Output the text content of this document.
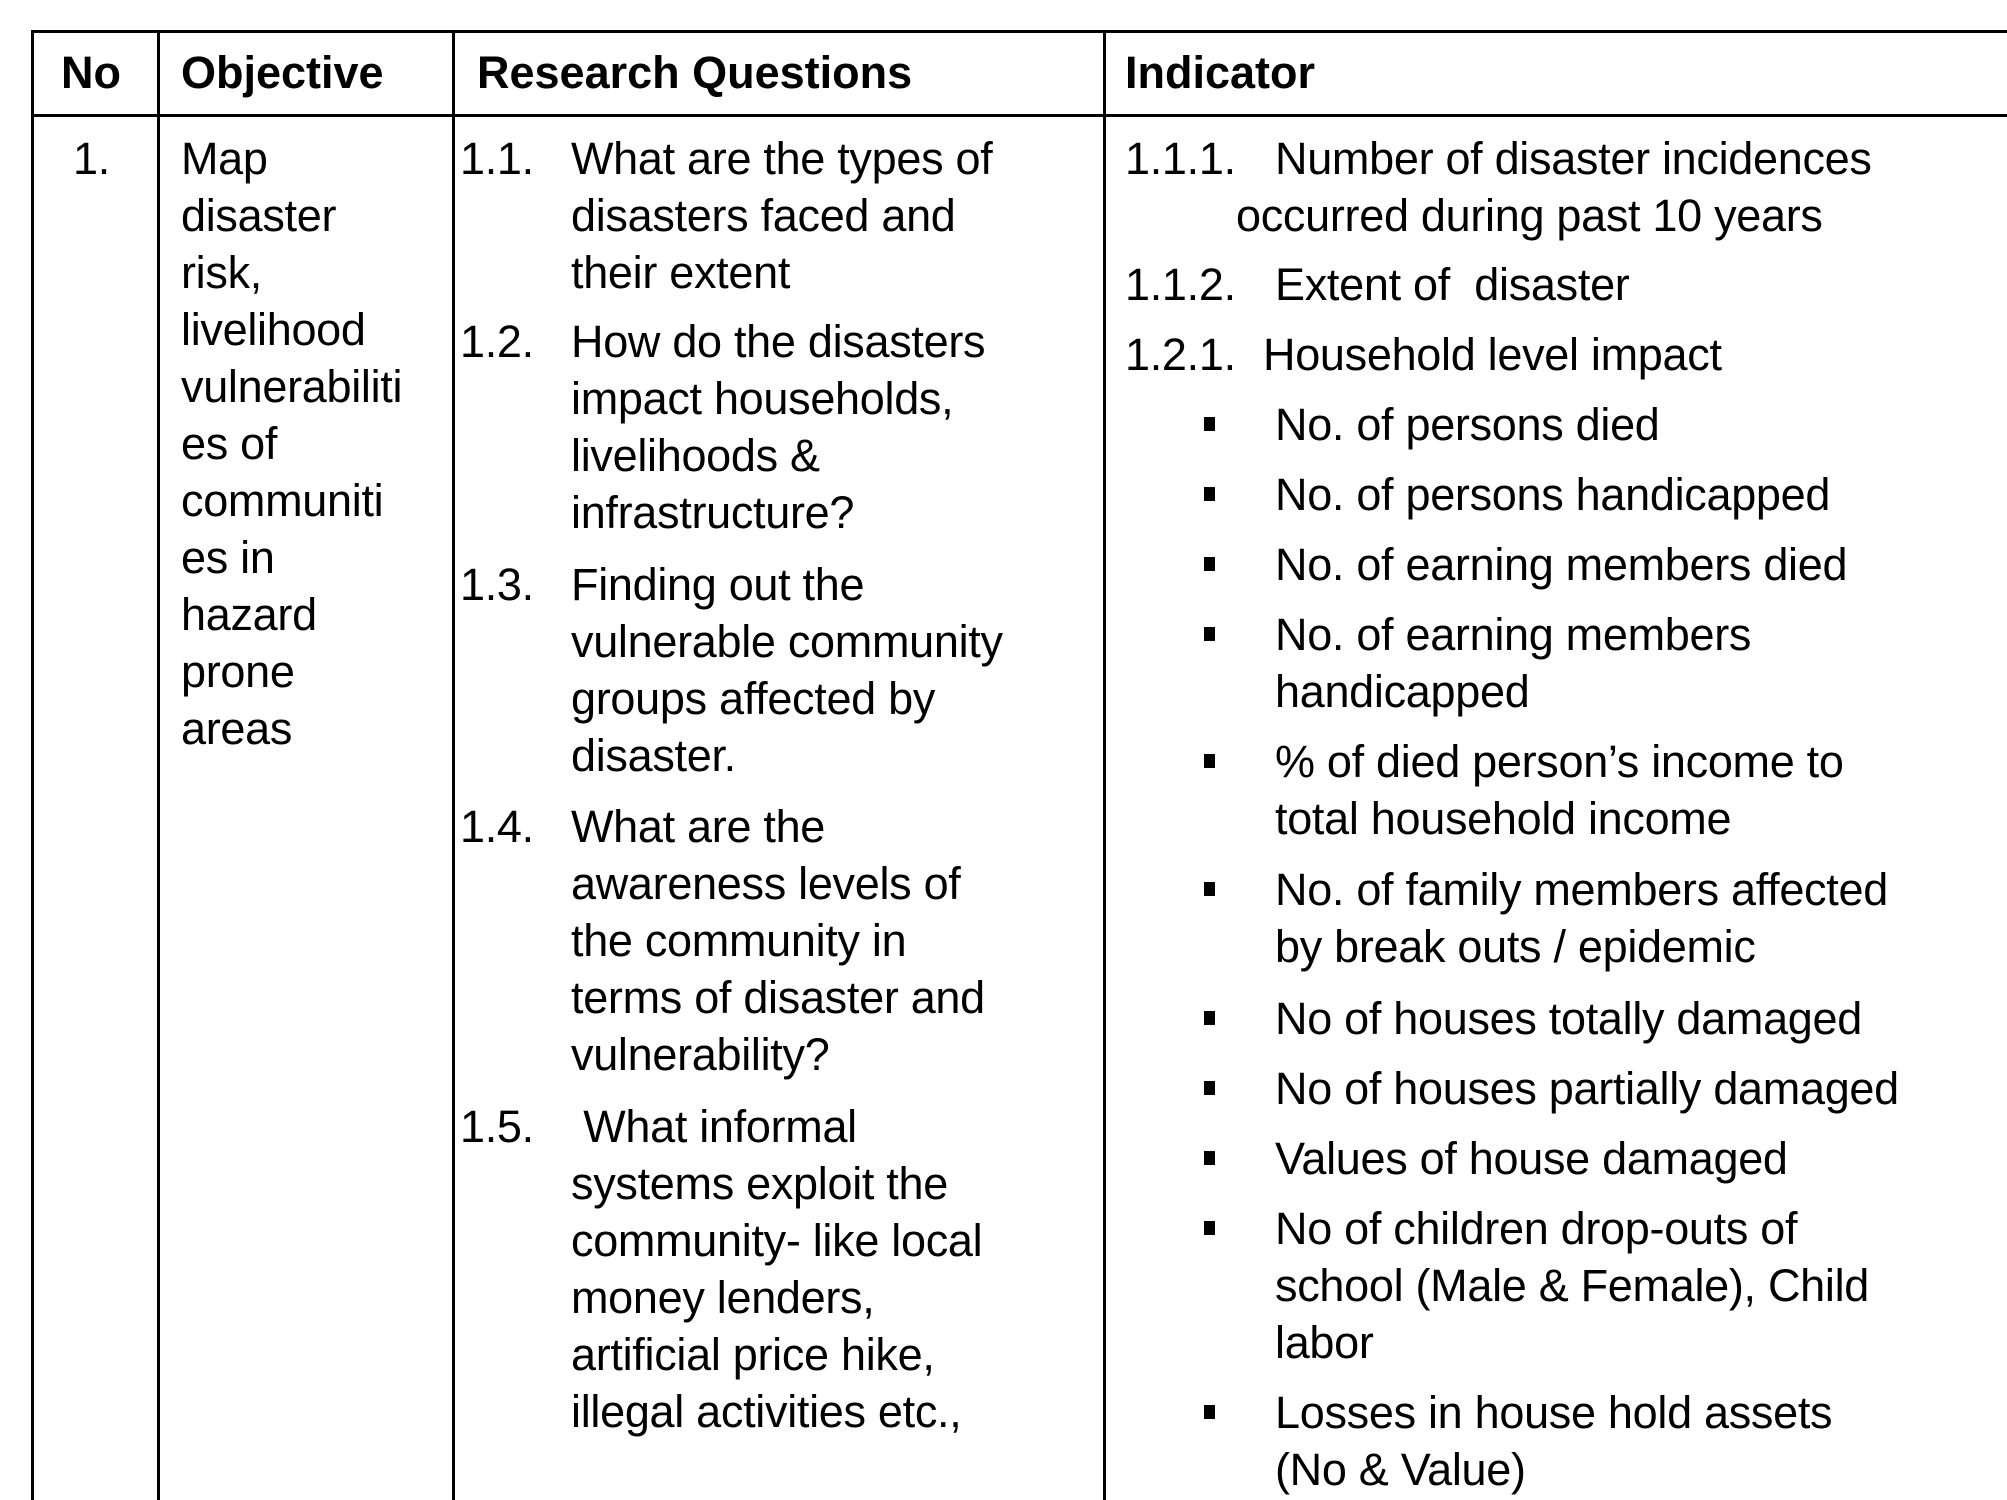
No Objective Research Questions	Indicator
1. Map
disaster
risk,
livelihood
vulnerabiliti
es of
communiti
es in
hazard
prone
areas
1.1. What are the types of
disasters faced and
their extent
1.2. How do the disasters
impact households,
livelihoods &
infrastructure?
1.3. Finding out the
vulnerable community
groups affected by
disaster.
1.4. What are the
awareness levels of
the community in
terms of disaster and
vulnerability?
1.5. What informal
systems exploit the
community- like local
money lenders,
artificial price hike,
illegal activities etc.,
1.1.1. Number of disaster incidences
occurred during past 10 years
1.1.2. Extent of  disaster
1.2.1. Household level impact
No. of persons died
No. of persons handicapped
No. of earning members died
No. of earning members
handicapped
% of died person’s income to
total household income
No. of family members affected
by break outs / epidemic
No of houses totally damaged
No of houses partially damaged
Values of house damaged
No of children drop-outs of
school (Male & Female), Child
labor
Losses in house hold assets
(No & Value)
